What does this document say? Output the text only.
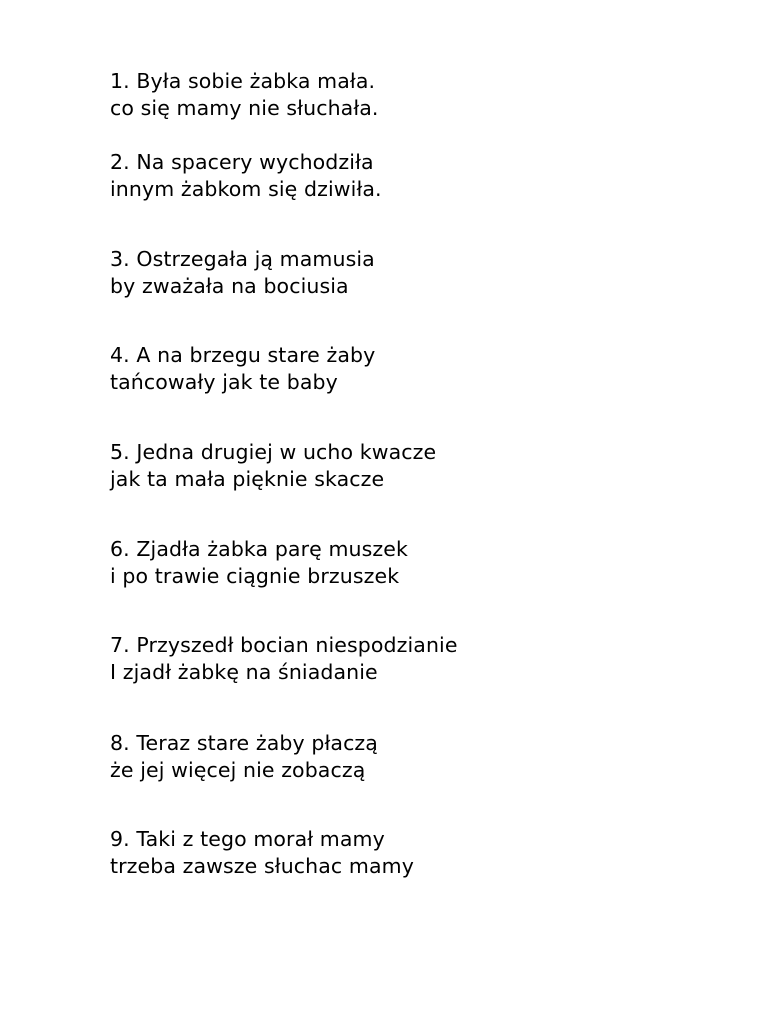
1. Była sobie żabka mała.
co się mamy nie słuchała.
2. Na spacery wychodziła
innym żabkom się dziwiła.
3. Ostrzegała ją mamusia
by zważała na bociusia
4. A na brzegu stare żaby
tańcowały jak te baby
5. Jedna drugiej w ucho kwacze
jak ta mała pięknie skacze
6. Zjadła żabka parę muszek
i po trawie ciągnie brzuszek
7. Przyszedł bocian niespodzianie
I zjadł żabkę na śniadanie
8. Teraz stare żaby płaczą
że jej więcej nie zobaczą
9. Taki z tego morał mamy
trzeba zawsze słuchac mamy
